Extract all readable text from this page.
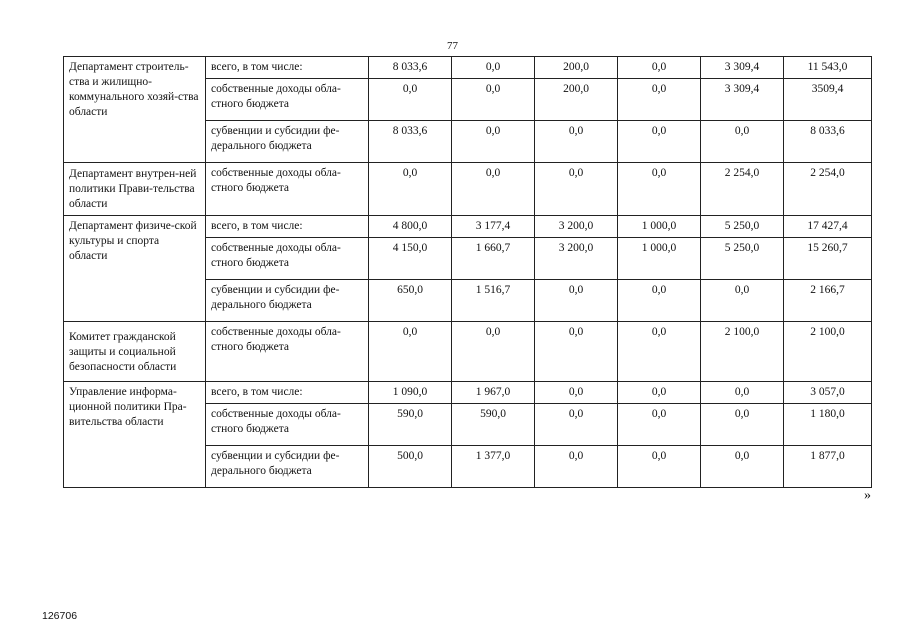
77
Департамент строитель-ства и жилищно-коммунального хозяй-ства области	всего, в том числе:	8 033,6	0,0	200,0	0,0	3 309,4	11 543,0
	собственные доходы обла-стного бюджета	0,0	0,0	200,0	0,0	3 309,4	3509,4
	субвенции и субсидии фе-дерального бюджета	8 033,6	0,0	0,0	0,0	0,0	8 033,6
Департамент внутрен-ней политики Прави-тельства области	собственные доходы обла-стного бюджета	0,0	0,0	0,0	0,0	2 254,0	2 254,0
Департамент физиче-ской культуры и спорта области	всего, в том числе:	4 800,0	3 177,4	3 200,0	1 000,0	5 250,0	17 427,4
	собственные доходы обла-стного бюджета	4 150,0	1 660,7	3 200,0	1 000,0	5 250,0	15 260,7
	субвенции и субсидии фе-дерального бюджета	650,0	1 516,7	0,0	0,0	0,0	2 166,7
Комитет гражданской защиты и социальной безопасности области	собственные доходы обла-стного бюджета	0,0	0,0	0,0	0,0	2 100,0	2 100,0
Управление информа-ционной политики Пра-вительства области	всего, в том числе:	1 090,0	1 967,0	0,0	0,0	0,0	3 057,0
	собственные доходы обла-стного бюджета	590,0	590,0	0,0	0,0	0,0	1 180,0
	субвенции и субсидии фе-дерального бюджета	500,0	1 377,0	0,0	0,0	0,0	1 877,0
»
126706
